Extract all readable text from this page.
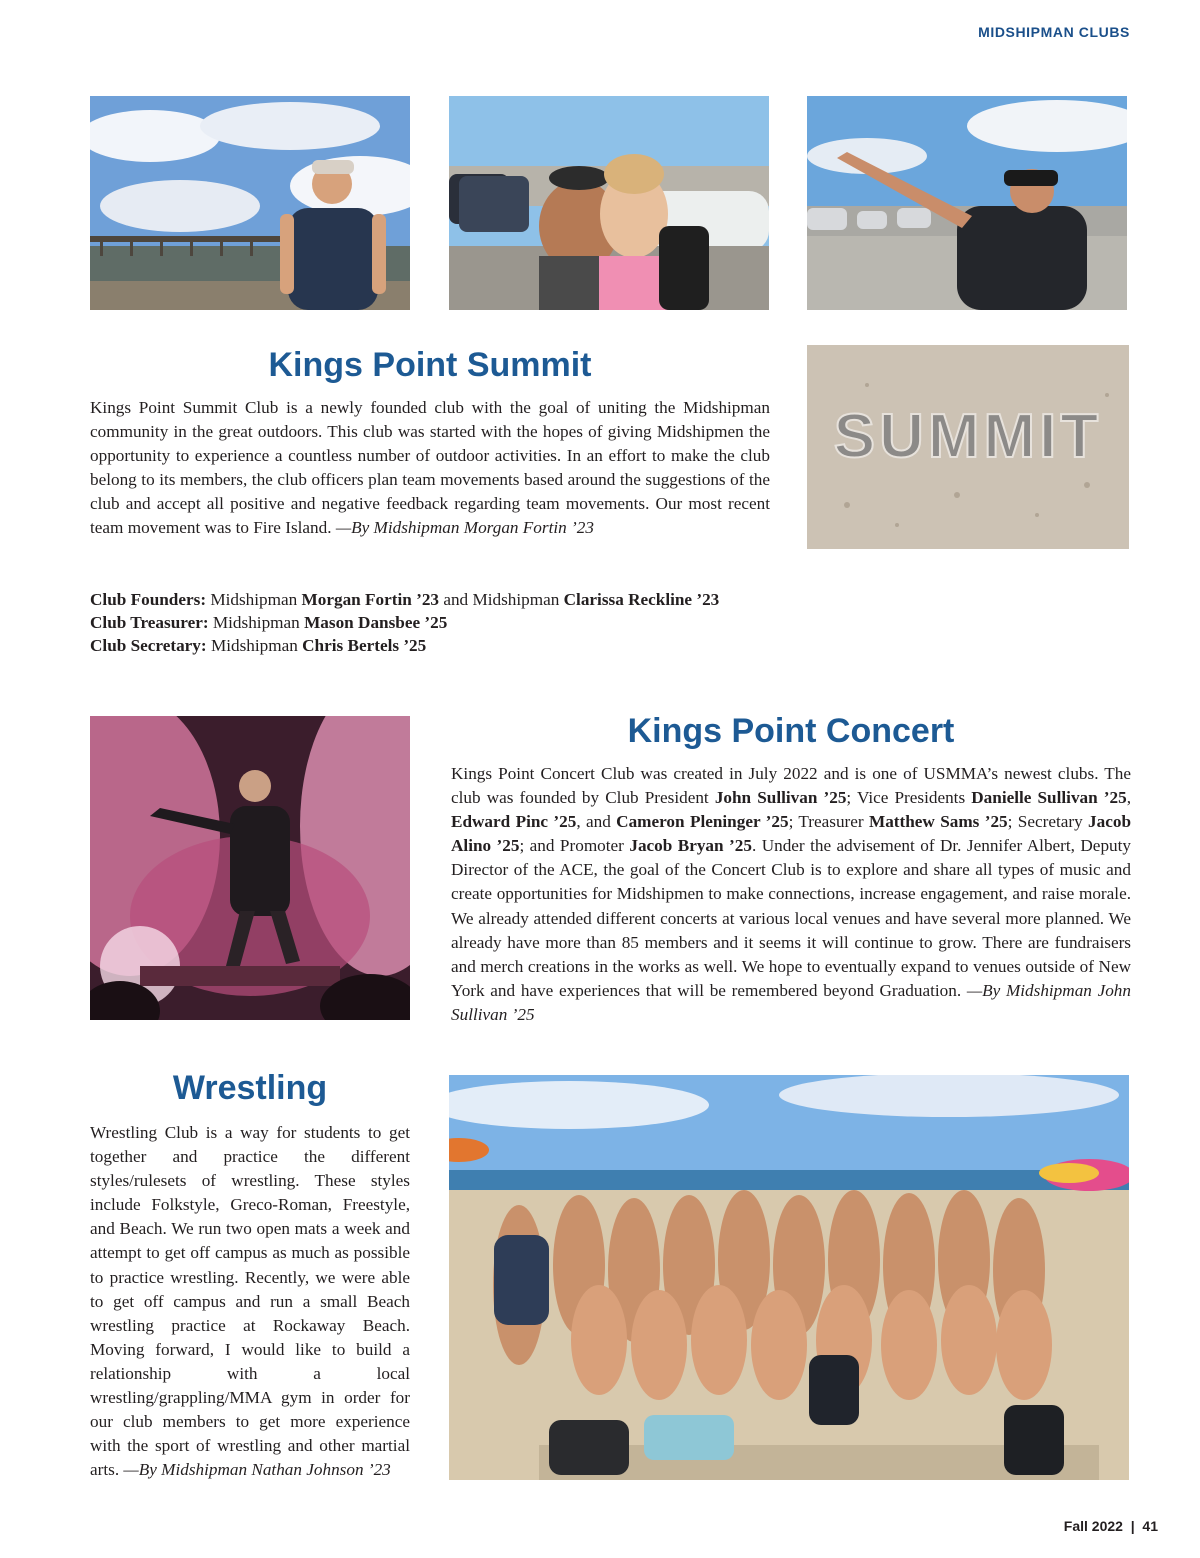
MIDSHIPMAN CLUBS
Kings Point Summit

Kings Point Summit Club is a newly founded club with the goal of uniting the Midshipman community in the great outdoors. This club was started with the hopes of giving Midshipmen the opportunity to experience a countless number of outdoor activities. In an effort to make the club belong to its members, the club officers plan team movements based around the suggestions of the club and accept all positive and negative feedback regarding team movements. Our most recent team movement was to Fire Island. —By Midshipman Morgan Fortin ’23

SUMMIT

Club Founders: Midshipman Morgan Fortin ’23 and Midshipman Clarissa Reckline ’23

Club Treasurer: Midshipman Mason Dansbee ’25

Club Secretary: Midshipman Chris Bertels ’25

Kings Point Concert

Kings Point Concert Club was created in July 2022 and is one of USMMA’s newest clubs. The club was founded by Club President John Sullivan ’25; Vice Presidents Danielle Sullivan ’25, Edward Pinc ’25, and Cameron Pleninger ’25; Treasurer Matthew Sams ’25; Secretary Jacob Alino ’25; and Promoter Jacob Bryan ’25. Under the advisement of Dr. Jennifer Albert, Deputy Director of the ACE, the goal of the Concert Club is to explore and share all types of music and create opportunities for Midshipmen to make connections, increase engagement, and raise morale. We already attended different concerts at various local venues and have several more planned. We already have more than 85 members and it seems it will continue to grow. There are fundraisers and merch creations in the works as well. We hope to eventually expand to venues outside of New York and have experiences that will be remembered beyond Graduation. —By Midshipman John Sullivan ’25

Wrestling

Wrestling Club is a way for students to get together and practice the different styles/rulesets of wrestling. These styles include Folkstyle, Greco-Roman, Freestyle, and Beach. We run two open mats a week and attempt to get off campus as much as possible to practice wrestling. Recently, we were able to get off campus and run a small Beach wrestling practice at Rockaway Beach. Moving forward, I would like to build a relationship with a local wrestling/grappling/MMA gym in order for our club members to get more experience with the sport of wrestling and other martial arts. —By Midshipman Nathan Johnson ’23

Fall 2022 | 41
